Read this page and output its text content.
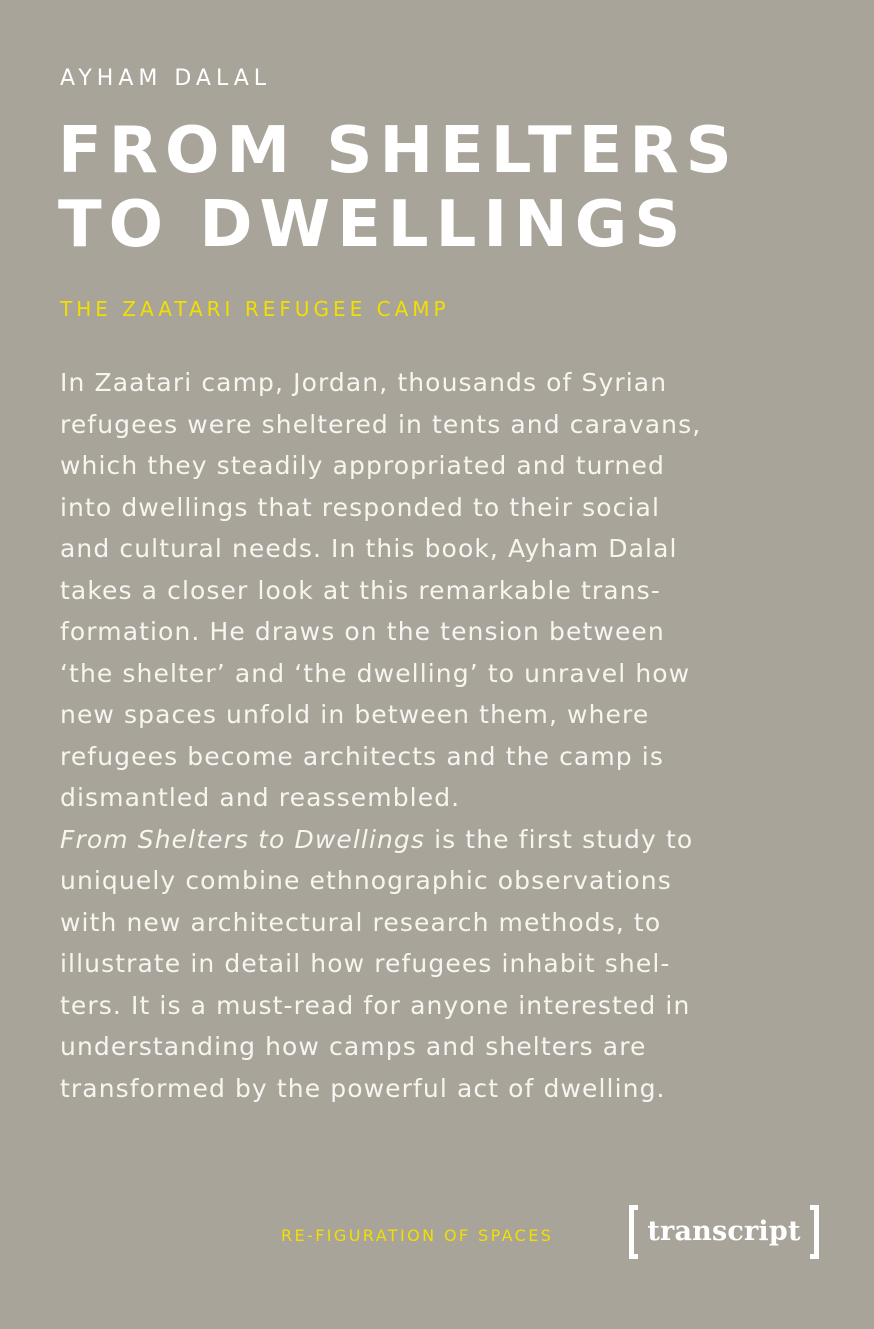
AYHAM DALAL
FROM SHELTERS
TO DWELLINGS
THE ZAATARI REFUGEE CAMP
In Zaatari camp, Jordan, thousands of Syrian
refugees were sheltered in tents and caravans,
which they steadily appropriated and turned
into dwellings that responded to their social
and cultural needs. In this book, Ayham Dalal
takes a closer look at this remarkable trans-
formation. He draws on the tension between
‘the shelter’ and ‘the dwelling’ to unravel how
new spaces unfold in between them, where
refugees become architects and the camp is
dismantled and reassembled.
From Shelters to Dwellings is the first study to
uniquely combine ethnographic observations
with new architectural research methods, to
illustrate in detail how refugees inhabit shel-
ters. It is a must-read for anyone interested in
understanding how camps and shelters are
transformed by the powerful act of dwelling.
RE-FIGURATION OF SPACES	transcript
